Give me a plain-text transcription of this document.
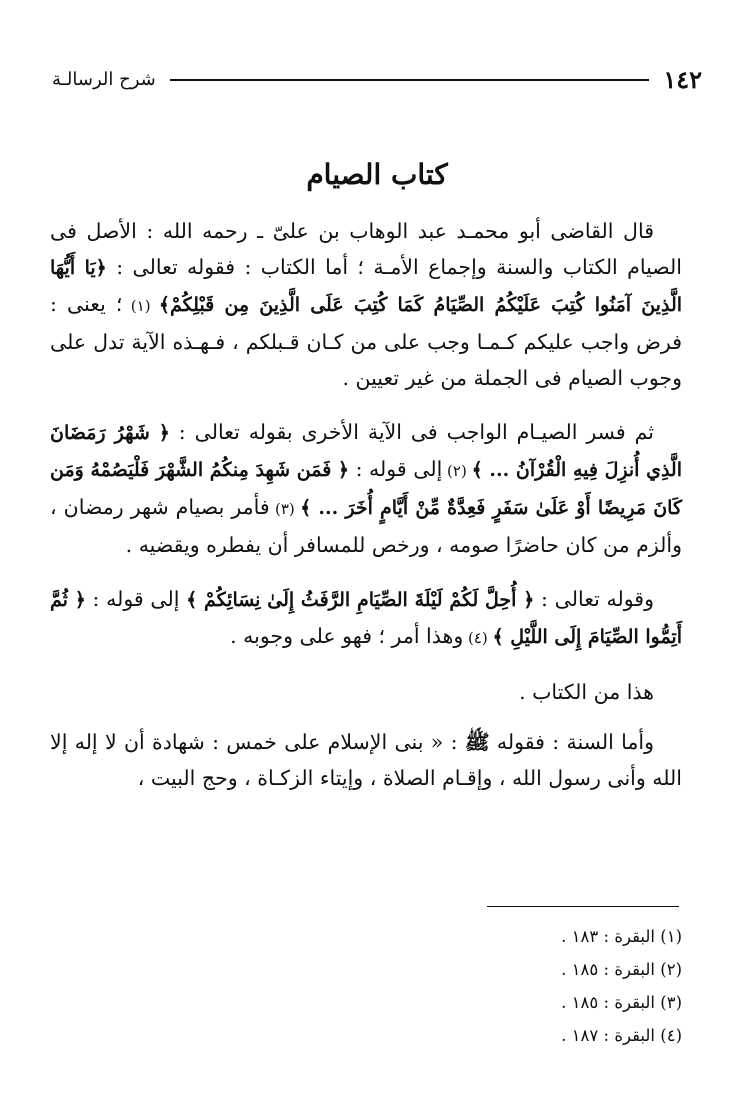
١٤٢
شرح الرسالـة
كتاب الصيام

قال القاضى أبو محمـد عبد الوهاب بن علىّ ـ رحمه الله : الأصل فى الصيام الكتاب والسنة وإجماع الأمـة ؛ أما الكتاب : فقوله تعالى : ﴿يَا أَيُّهَا الَّذِينَ آمَنُوا كُتِبَ عَلَيْكُمُ الصِّيَامُ كَمَا كُتِبَ عَلَى الَّذِينَ مِن قَبْلِكُمْ﴾ (١) ؛ يعنى : فرض واجب عليكم كـمـا وجب على من كـان قـبلكم ، فـهـذه الآية تدل على وجوب الصيام فى الجملة من غير تعيين .

ثم فسر الصيـام الواجب فى الآية الأخرى بقوله تعالى : ﴿ شَهْرُ رَمَضَانَ الَّذِي أُنزِلَ فِيهِ الْقُرْآنُ ... ﴾ (٢) إلى قوله : ﴿ فَمَن شَهِدَ مِنكُمُ الشَّهْرَ فَلْيَصُمْهُ وَمَن كَانَ مَرِيضًا أَوْ عَلَىٰ سَفَرٍ فَعِدَّةٌ مِّنْ أَيَّامٍ أُخَرَ ... ﴾ (٣) فأمر بصيام شهر رمضان ، وألزم من كان حاضرًا صومه ، ورخص للمسافر أن يفطره ويقضيه .

وقوله تعالى : ﴿ أُحِلَّ لَكُمْ لَيْلَةَ الصِّيَامِ الرَّفَثُ إِلَىٰ نِسَائِكُمْ ﴾ إلى قوله : ﴿ ثُمَّ أَتِمُّوا الصِّيَامَ إِلَى اللَّيْلِ ﴾ (٤) وهذا أمر ؛ فهو على وجوبه .

هذا من الكتاب .

وأما السنة : فقوله ﷺ : « بنى الإسلام على خمس : شهادة أن لا إله إلا الله وأنى رسول الله ، وإقـام الصلاة ، وإيتاء الزكـاة ، وحج البيت ،

(١) البقرة : ١٨٣ .
(٢) البقرة : ١٨٥ .
(٣) البقرة : ١٨٥ .
(٤) البقرة : ١٨٧ .
